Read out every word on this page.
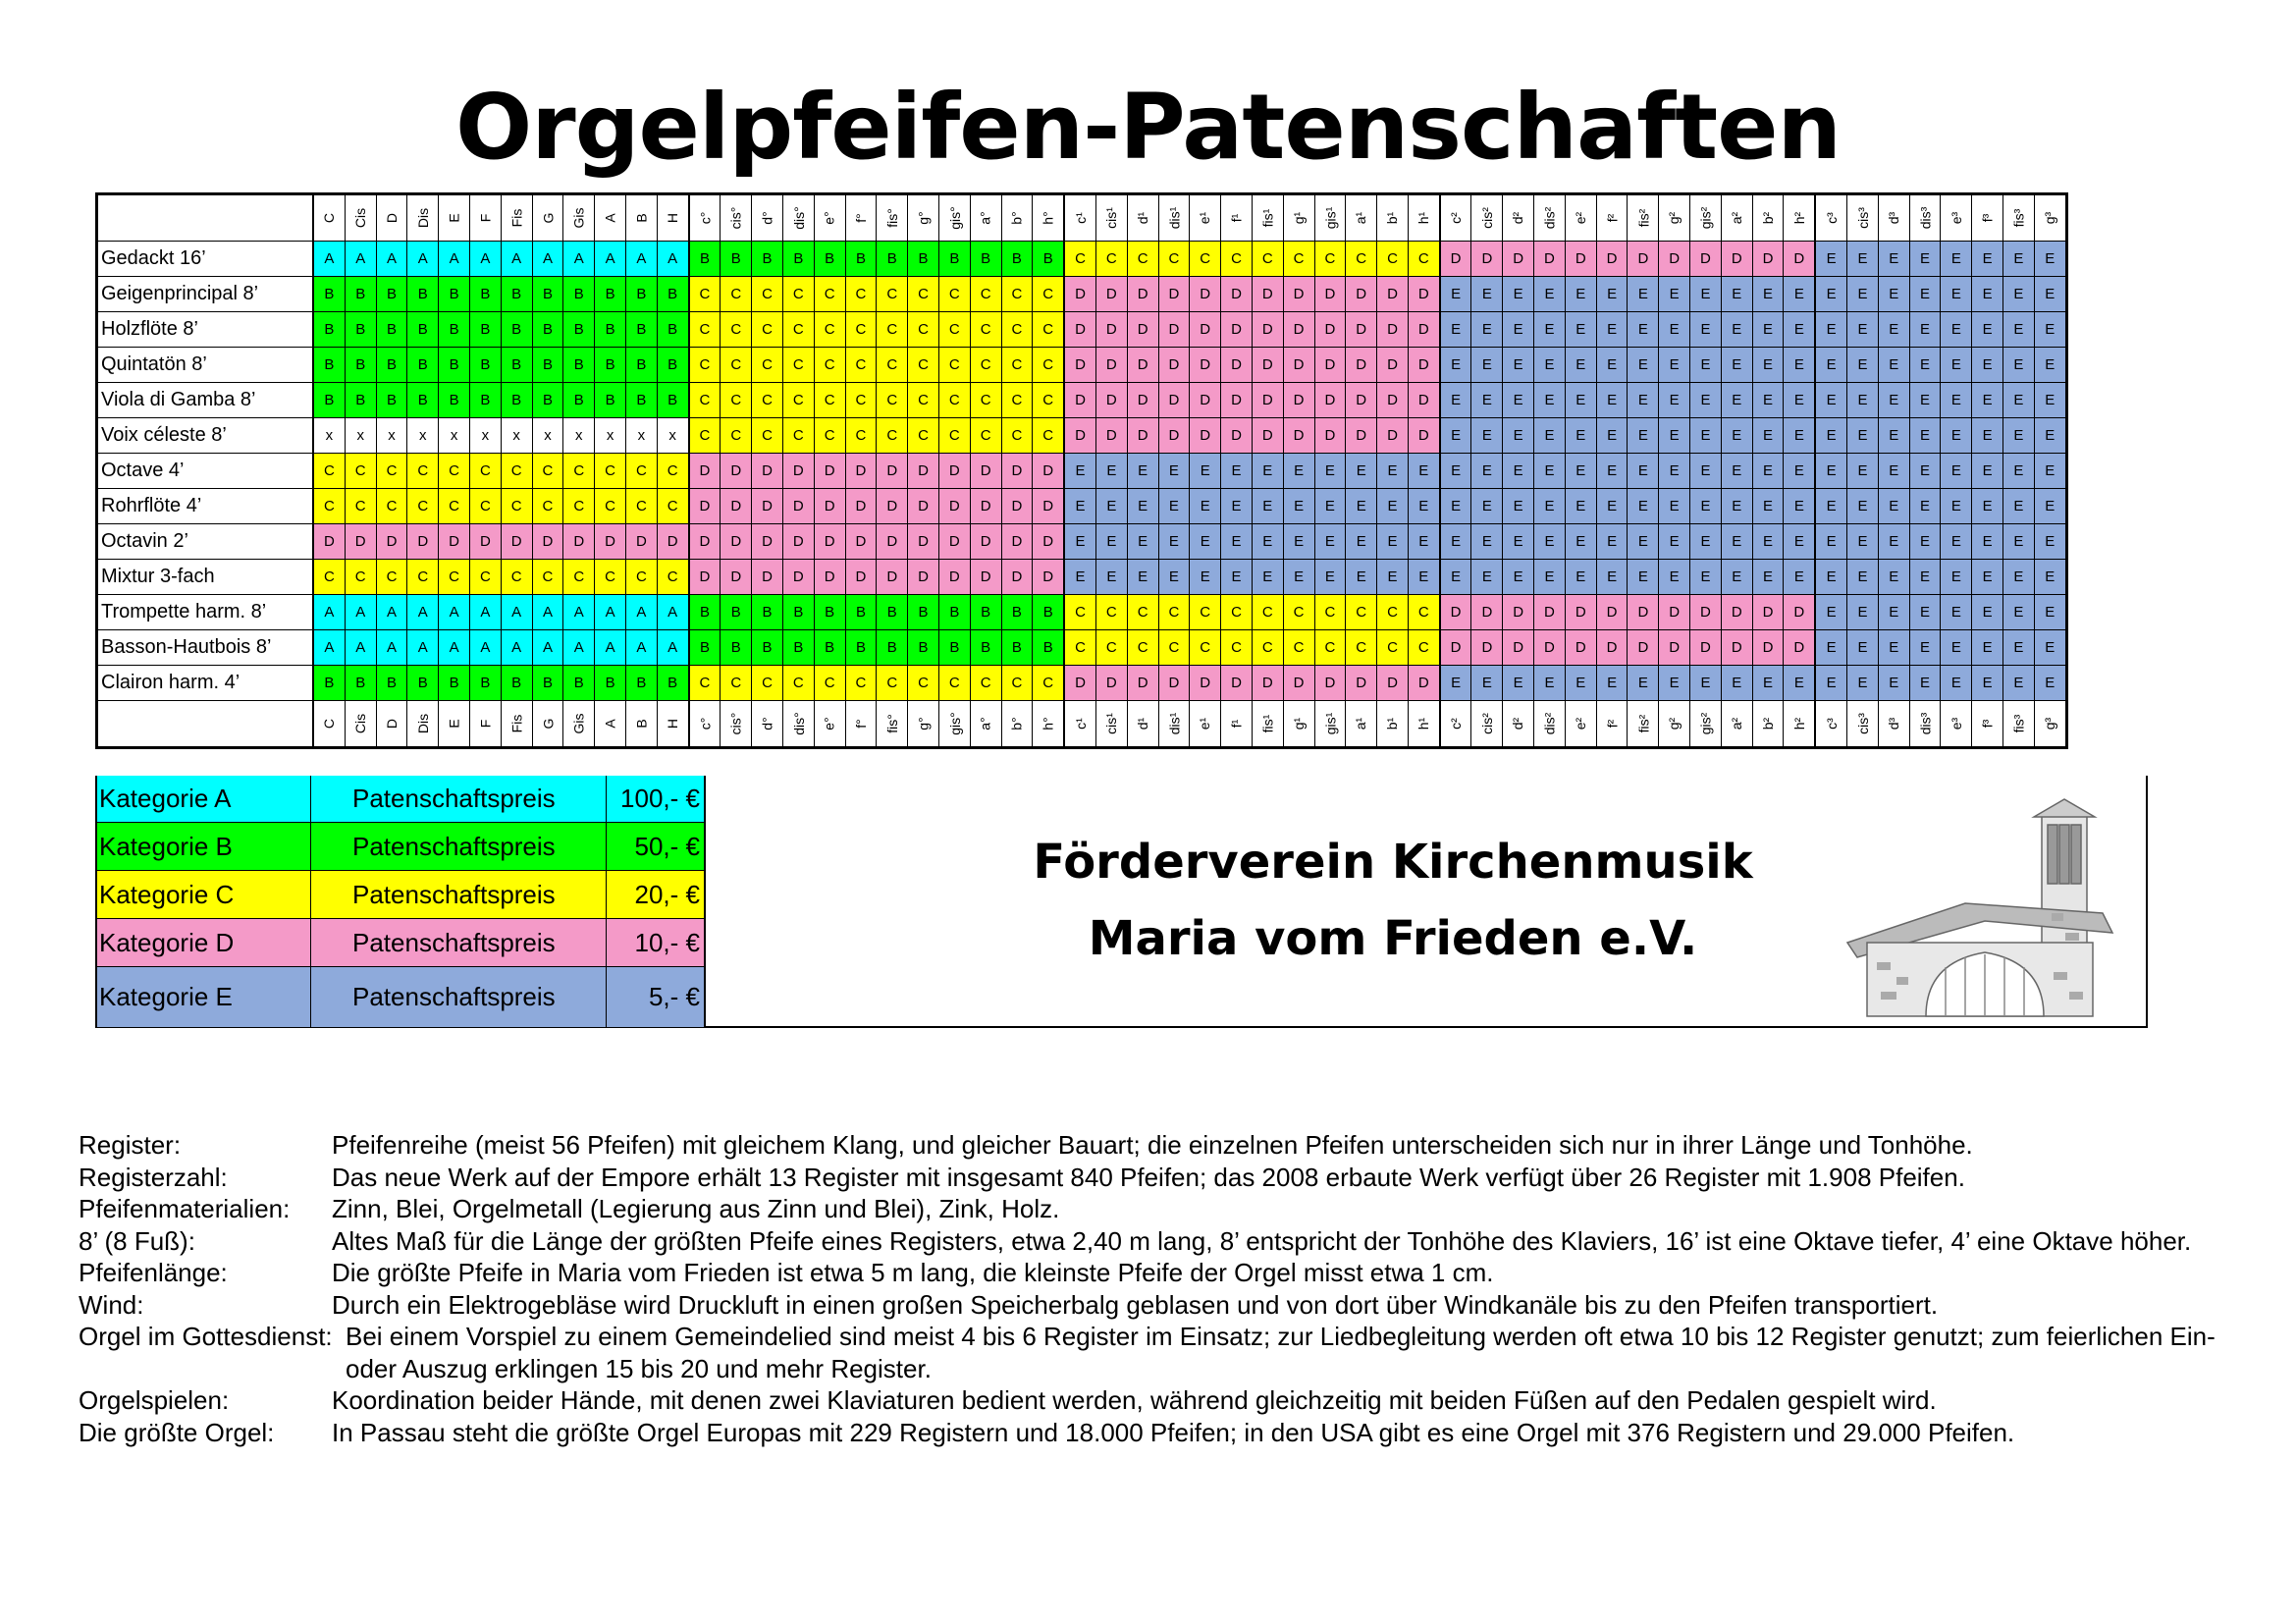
Orgelpfeifen-Patenschaften
	C	Cis	D	Dis	E	F	Fis	G	Gis	A	B	H	c°	cis°	d°	dis°	e°	f°	fis°	g°	gis°	a°	b°	h°	c¹	cis¹	d¹	dis¹	e¹	f¹	fis¹	g¹	gis¹	a¹	b¹	h¹	c²	cis²	d²	dis²	e²	f²	fis²	g²	gis²	a²	b²	h²	c³	cis³	d³	dis³	e³	f³	fis³	g³
Gedackt 16’	A	A	A	A	A	A	A	A	A	A	A	A	B	B	B	B	B	B	B	B	B	B	B	B	C	C	C	C	C	C	C	C	C	C	C	C	D	D	D	D	D	D	D	D	D	D	D	D	E	E	E	E	E	E	E	E
Geigenprincipal 8’	B	B	B	B	B	B	B	B	B	B	B	B	C	C	C	C	C	C	C	C	C	C	C	C	D	D	D	D	D	D	D	D	D	D	D	D	E	E	E	E	E	E	E	E	E	E	E	E	E	E	E	E	E	E	E	E
Holzflöte 8’	B	B	B	B	B	B	B	B	B	B	B	B	C	C	C	C	C	C	C	C	C	C	C	C	D	D	D	D	D	D	D	D	D	D	D	D	E	E	E	E	E	E	E	E	E	E	E	E	E	E	E	E	E	E	E	E
Quintatön 8’	B	B	B	B	B	B	B	B	B	B	B	B	C	C	C	C	C	C	C	C	C	C	C	C	D	D	D	D	D	D	D	D	D	D	D	D	E	E	E	E	E	E	E	E	E	E	E	E	E	E	E	E	E	E	E	E
Viola di Gamba 8’	B	B	B	B	B	B	B	B	B	B	B	B	C	C	C	C	C	C	C	C	C	C	C	C	D	D	D	D	D	D	D	D	D	D	D	D	E	E	E	E	E	E	E	E	E	E	E	E	E	E	E	E	E	E	E	E
Voix céleste 8’	x	x	x	x	x	x	x	x	x	x	x	x	C	C	C	C	C	C	C	C	C	C	C	C	D	D	D	D	D	D	D	D	D	D	D	D	E	E	E	E	E	E	E	E	E	E	E	E	E	E	E	E	E	E	E	E
Octave 4’	C	C	C	C	C	C	C	C	C	C	C	C	D	D	D	D	D	D	D	D	D	D	D	D	E	E	E	E	E	E	E	E	E	E	E	E	E	E	E	E	E	E	E	E	E	E	E	E	E	E	E	E	E	E	E	E
Rohrflöte 4’	C	C	C	C	C	C	C	C	C	C	C	C	D	D	D	D	D	D	D	D	D	D	D	D	E	E	E	E	E	E	E	E	E	E	E	E	E	E	E	E	E	E	E	E	E	E	E	E	E	E	E	E	E	E	E	E
Octavin 2’	D	D	D	D	D	D	D	D	D	D	D	D	D	D	D	D	D	D	D	D	D	D	D	D	E	E	E	E	E	E	E	E	E	E	E	E	E	E	E	E	E	E	E	E	E	E	E	E	E	E	E	E	E	E	E	E
Mixtur 3-fach	C	C	C	C	C	C	C	C	C	C	C	C	D	D	D	D	D	D	D	D	D	D	D	D	E	E	E	E	E	E	E	E	E	E	E	E	E	E	E	E	E	E	E	E	E	E	E	E	E	E	E	E	E	E	E	E
Trompette harm. 8’	A	A	A	A	A	A	A	A	A	A	A	A	B	B	B	B	B	B	B	B	B	B	B	B	C	C	C	C	C	C	C	C	C	C	C	C	D	D	D	D	D	D	D	D	D	D	D	D	E	E	E	E	E	E	E	E
Basson-Hautbois 8’	A	A	A	A	A	A	A	A	A	A	A	A	B	B	B	B	B	B	B	B	B	B	B	B	C	C	C	C	C	C	C	C	C	C	C	C	D	D	D	D	D	D	D	D	D	D	D	D	E	E	E	E	E	E	E	E
Clairon harm. 4’	B	B	B	B	B	B	B	B	B	B	B	B	C	C	C	C	C	C	C	C	C	C	C	C	D	D	D	D	D	D	D	D	D	D	D	D	E	E	E	E	E	E	E	E	E	E	E	E	E	E	E	E	E	E	E	E
	C	Cis	D	Dis	E	F	Fis	G	Gis	A	B	H	c°	cis°	d°	dis°	e°	f°	fis°	g°	gis°	a°	b°	h°	c¹	cis¹	d¹	dis¹	e¹	f¹	fis¹	g¹	gis¹	a¹	b¹	h¹	c²	cis²	d²	dis²	e²	f²	fis²	g²	gis²	a²	b²	h²	c³	cis³	d³	dis³	e³	f³	fis³	g³
Kategorie A	Patenschaftspreis	100,- €
Kategorie B	Patenschaftspreis	50,- €
Kategorie C	Patenschaftspreis	20,- €
Kategorie D	Patenschaftspreis	10,- €
Kategorie E	Patenschaftspreis	5,- €
Förderverein Kirchenmusik
Maria vom Frieden e.V.
Register:	Pfeifenreihe (meist 56 Pfeifen) mit gleichem Klang, und gleicher Bauart; die einzelnen Pfeifen unterscheiden sich nur in ihrer Länge und Tonhöhe.
Registerzahl:	Das neue Werk auf der Empore erhält 13 Register mit insgesamt 840 Pfeifen; das 2008 erbaute Werk verfügt über 26 Register mit 1.908 Pfeifen.
Pfeifenmaterialien:	Zinn, Blei, Orgelmetall (Legierung aus Zinn und Blei), Zink, Holz.
8’ (8 Fuß):	Altes Maß für die Länge der größten Pfeife eines Registers, etwa 2,40 m lang, 8’ entspricht der Tonhöhe des Klaviers, 16’ ist eine Oktave tiefer, 4’ eine Oktave höher.
Pfeifenlänge:	Die größte Pfeife in Maria vom Frieden ist etwa 5 m lang, die kleinste Pfeife der Orgel misst etwa 1 cm.
Wind:	Durch ein Elektrogebläse wird Druckluft in einen großen Speicherbalg geblasen und von dort über Windkanäle bis zu den Pfeifen transportiert.
Orgel im Gottesdienst: Bei einem Vorspiel zu einem Gemeindelied sind meist 4 bis 6 Register im Einsatz; zur Liedbegleitung werden oft etwa 10 bis 12 Register genutzt; zum feierlichen Ein- oder Auszug erklingen 15 bis 20 und mehr Register.
Orgelspielen:	Koordination beider Hände, mit denen zwei Klaviaturen bedient werden, während gleichzeitig mit beiden Füßen auf den Pedalen gespielt wird.
Die größte Orgel:	In Passau steht die größte Orgel Europas mit 229 Registern und 18.000 Pfeifen; in den USA gibt es eine Orgel mit 376 Registern und 29.000 Pfeifen.
